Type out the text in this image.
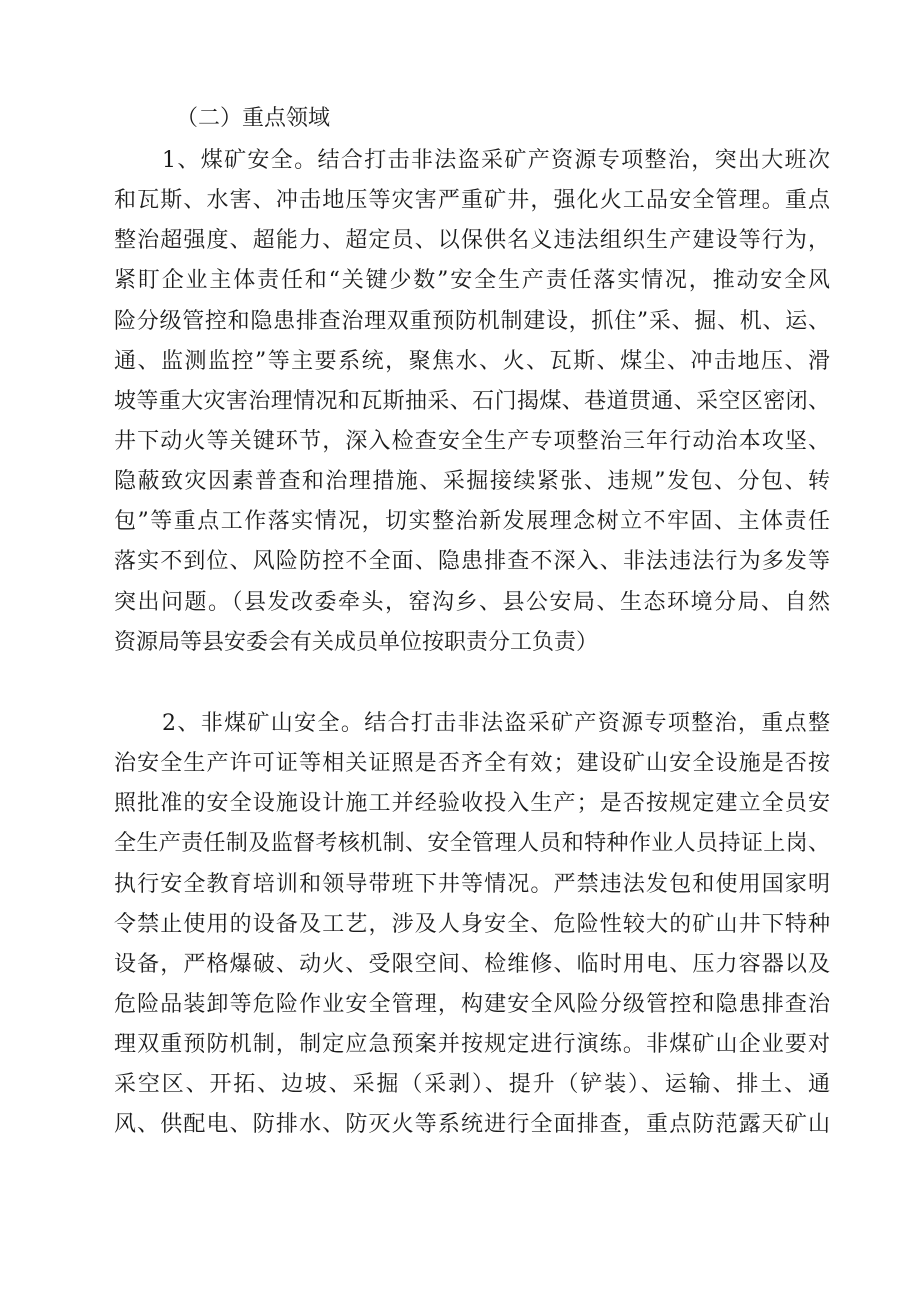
（二）重点领域
1、煤矿安全。结合打击非法盗采矿产资源专项整治，突出大班次
和瓦斯、水害、冲击地压等灾害严重矿井，强化火工品安全管理。重点
整治超强度、超能力、超定员、以保供名义违法组织生产建设等行为，
紧盯企业主体责任和“关键少数”安全生产责任落实情况，推动安全风
险分级管控和隐患排查治理双重预防机制建设，抓住”采、掘、机、运、
通、监测监控”等主要系统，聚焦水、火、瓦斯、煤尘、冲击地压、滑
坡等重大灾害治理情况和瓦斯抽采、石门揭煤、巷道贯通、采空区密闭、
井下动火等关键环节，深入检查安全生产专项整治三年行动治本攻坚、
隐蔽致灾因素普查和治理措施、采掘接续紧张、违规”发包、分包、转
包”等重点工作落实情况，切实整治新发展理念树立不牢固、主体责任
落实不到位、风险防控不全面、隐患排查不深入、非法违法行为多发等
突出问题。（县发改委牵头，窑沟乡、县公安局、生态环境分局、自然
资源局等县安委会有关成员单位按职责分工负责）
2、非煤矿山安全。结合打击非法盗采矿产资源专项整治，重点整
治安全生产许可证等相关证照是否齐全有效；建设矿山安全设施是否按
照批准的安全设施设计施工并经验收投入生产；是否按规定建立全员安
全生产责任制及监督考核机制、安全管理人员和特种作业人员持证上岗、
执行安全教育培训和领导带班下井等情况。严禁违法发包和使用国家明
令禁止使用的设备及工艺，涉及人身安全、危险性较大的矿山井下特种
设备，严格爆破、动火、受限空间、检维修、临时用电、压力容器以及
危险品装卸等危险作业安全管理，构建安全风险分级管控和隐患排查治
理双重预防机制，制定应急预案并按规定进行演练。非煤矿山企业要对
采空区、开拓、边坡、采掘（采剥）、提升（铲装）、运输、排土、通
风、供配电、防排水、防灭火等系统进行全面排查，重点防范露天矿山
